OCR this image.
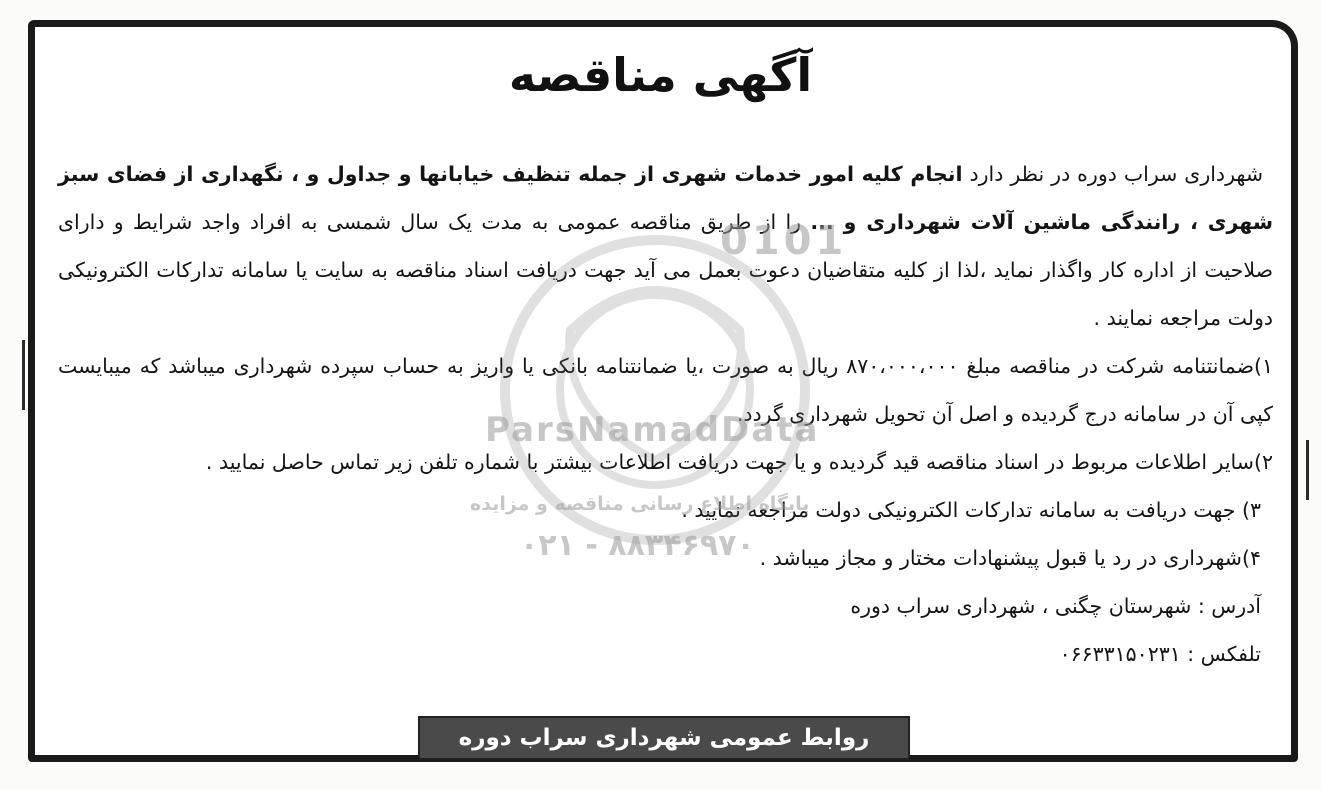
آگهی مناقصه

شهرداری سراب دوره در نظر دارد انجام کلیه امور خدمات شهری از جمله تنظیف خیابانها و جداول و ، نگهداری از فضای سبز شهری ، رانندگی ماشین آلات شهرداری و ... را از طریق مناقصه عمومی به مدت یک سال شمسی به افراد واجد شرایط و دارای صلاحیت از اداره کار واگذار نماید ،لذا از کلیه متقاضیان دعوت بعمل می آید جهت دریافت اسناد مناقصه به سایت یا سامانه تدارکات الکترونیکی دولت مراجعه نمایند .

۱)ضمانتنامه شرکت در مناقصه مبلغ ۸۷۰،۰۰۰،۰۰۰ ریال به صورت ،یا ضمانتنامه بانکی یا واریز به حساب سپرده شهرداری میباشد که میبایست کپی آن در سامانه درج گردیده و اصل آن تحویل شهرداری گردد.

۲)سایر اطلاعات مربوط در اسناد مناقصه قید گردیده و یا جهت دریافت اطلاعات بیشتر با شماره تلفن زیر تماس حاصل نمایید .

۳) جهت دریافت به سامانه تدارکات الکترونیکی دولت مراجعه نمایید .

۴)شهرداری در رد یا قبول پیشنهادات مختار و مجاز میباشد .

آدرس : شهرستان چگنی ، شهرداری سراب دوره

تلفکس : ۰۶۶۳۳۱۵۰۲۳۱

0101
ParsNamadData
پایگاه اطلاع رسانی مناقصه و مزایده
۰۲۱ - ۸۸۳۴۶۹۷۰
روابط عمومی شهرداری سراب دوره
